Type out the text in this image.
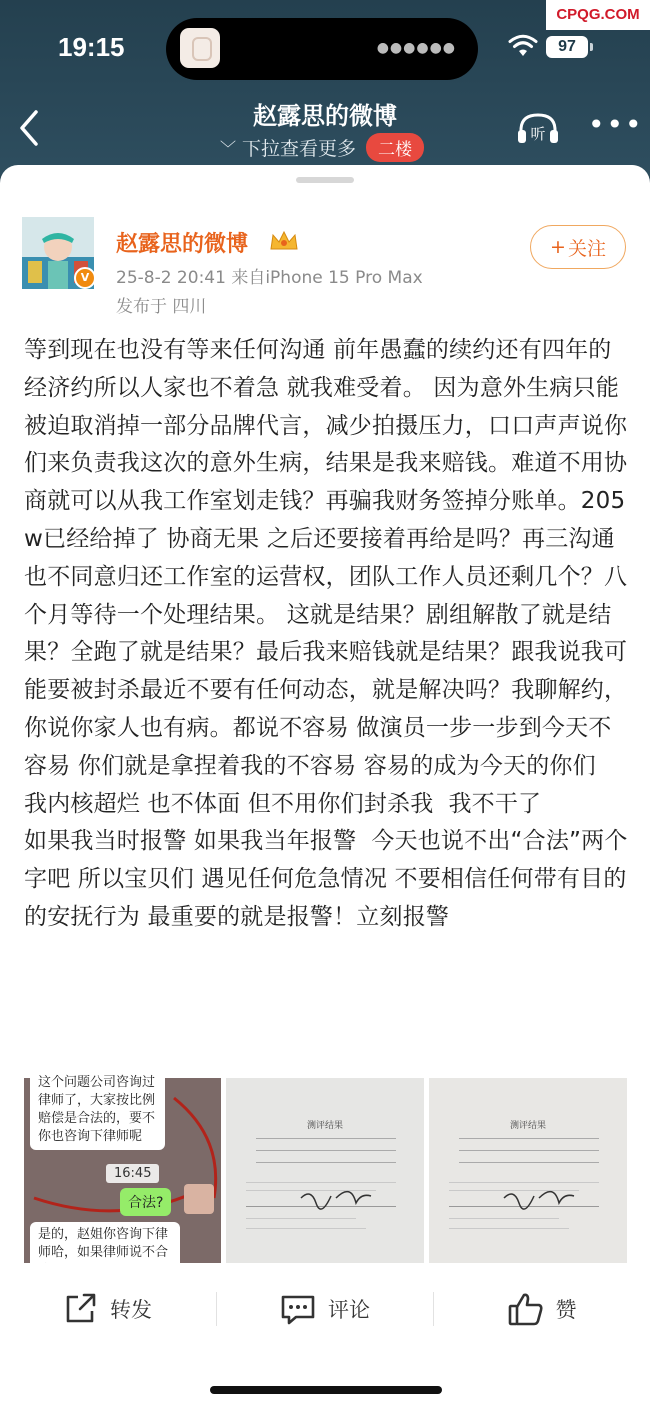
CPQG.COM
19:15	●●●●●●	97
赵露思的微博
﹀ 下拉查看更多	二楼
听 •••
V
赵露思的微博
25-8-2 20:41 来自iPhone 15 Pro Max
发布于 四川
+ 关注
等到现在也没有等来任何沟通 前年愚蠢的续约还有四年的经济约所以人家也不着急 就我难受着。 因为意外生病只能被迫取消掉一部分品牌代言，减少拍摄压力，口口声声说你们来负责我这次的意外生病，结果是我来赔钱。难道不用协商就可以从我工作室划走钱？再骗我财务签掉分账单。205w已经给掉了 协商无果 之后还要接着再给是吗？再三沟通也不同意归还工作室的运营权，团队工作人员还剩几个？八个月等待一个处理结果。 这就是结果？剧组解散了就是结果？全跑了就是结果？最后我来赔钱就是结果？跟我说我可能要被封杀最近不要有任何动态，就是解决吗？我聊解约，你说你家人也有病。都说不容易 做演员一步一步到今天不容易 你们就是拿捏着我的不容易 容易的成为今天的你们
我内核超烂 也不体面 但不用你们封杀我  我不干了
如果我当时报警 如果我当年报警  今天也说不出“合法”两个字吧 所以宝贝们 遇见任何危急情况 不要相信任何带有目的的安抚行为 最重要的就是报警！立刻报警
这个问题公司咨询过律师了，大家按比例赔偿是合法的，要不你也咨询下律师呢
16:45
合法?
是的，赵姐你咨询下律师哈，如果律师说不合
测评结果	测评结果
转发	评论	赞
